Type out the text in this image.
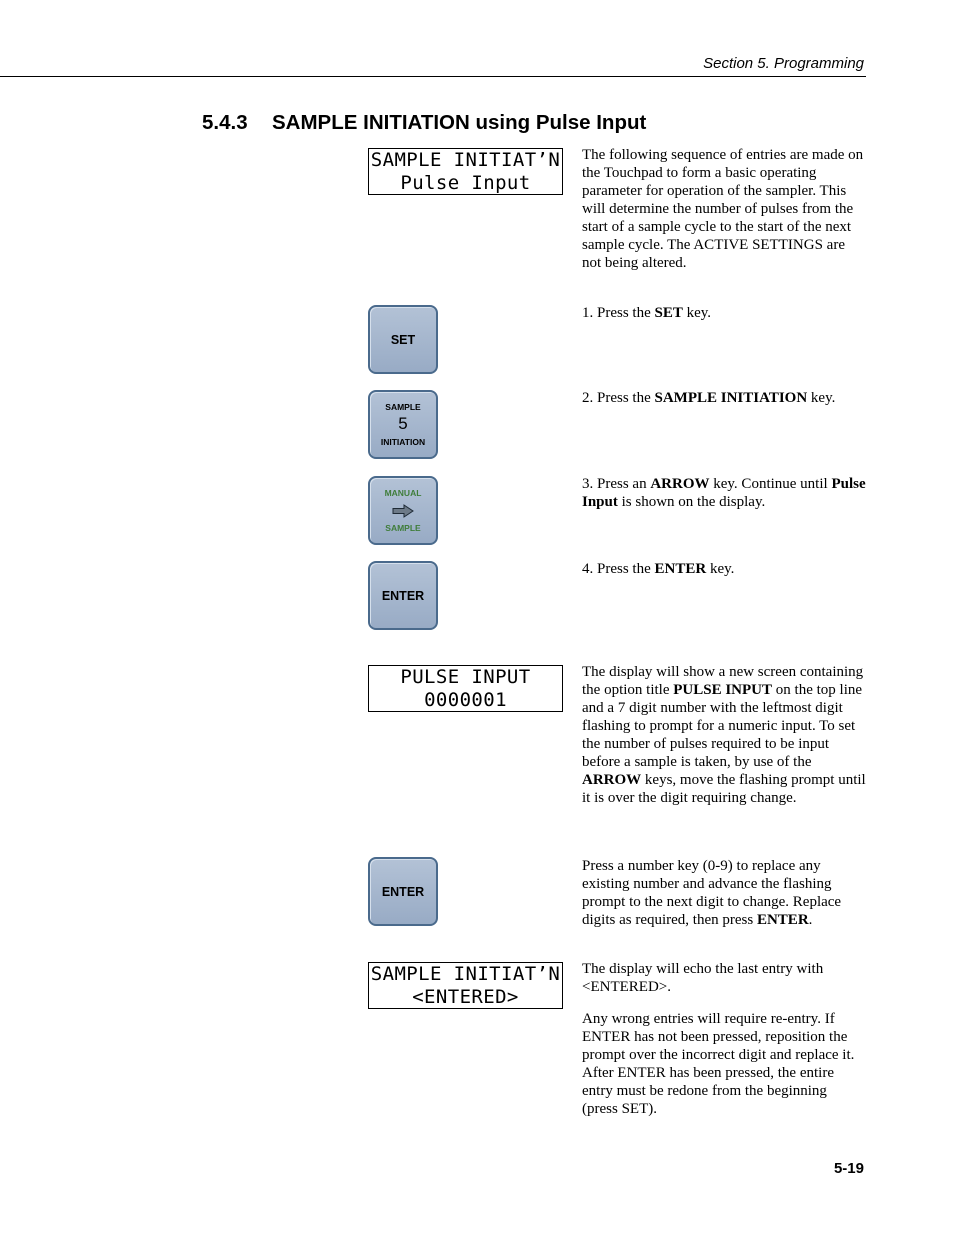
Section 5. Programming
5.4.3 SAMPLE INITIATION using Pulse Input
SAMPLE INITIAT’N
Pulse Input

The following sequence of entries are made on the Touchpad to form a basic operating parameter for operation of the sampler. This will determine the number of pulses from the start of a sample cycle to the start of the next sample cycle. The ACTIVE SETTINGS are not being altered.

SET

1. Press the SET key.

SAMPLE
5
INITIATION

2. Press the SAMPLE INITIATION key.

MANUAL
SAMPLE

3. Press an ARROW key. Continue until Pulse Input is shown on the display.

ENTER

4. Press the ENTER key.

PULSE INPUT
0000001

The display will show a new screen containing the option title PULSE INPUT on the top line and a 7 digit number with the leftmost digit flashing to prompt for a numeric input. To set the number of pulses required to be input before a sample is taken, by use of the ARROW keys, move the flashing prompt until it is over the digit requiring change.

ENTER

Press a number key (0-9) to replace any existing number and advance the flashing prompt to the next digit to change. Replace digits as required, then press ENTER.

SAMPLE INITIAT’N
<ENTERED>

The display will echo the last entry with <ENTERED>.

Any wrong entries will require re-entry. If ENTER has not been pressed, reposition the prompt over the incorrect digit and replace it. After ENTER has been pressed, the entire entry must be redone from the beginning (press SET).

5-19
